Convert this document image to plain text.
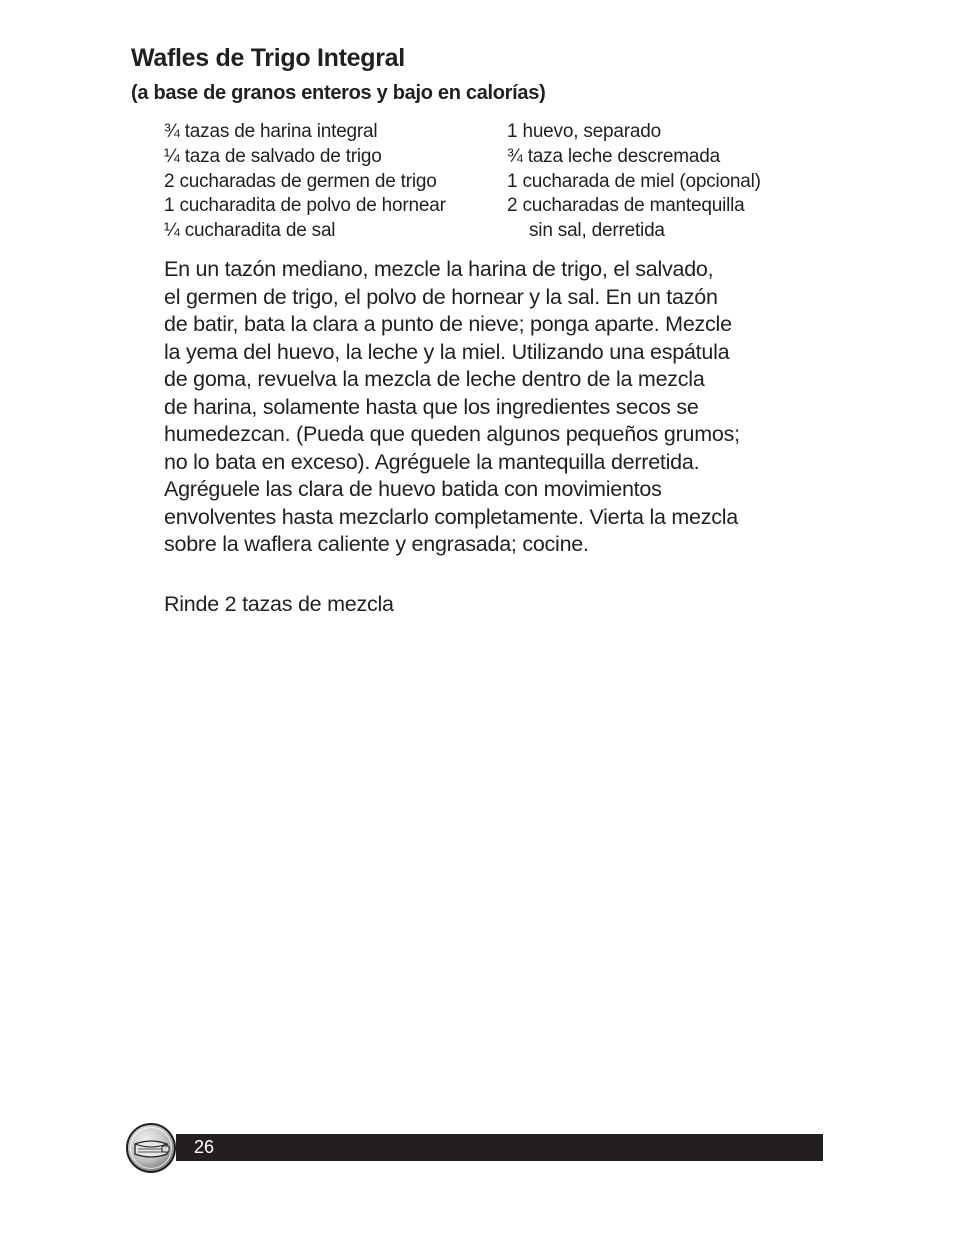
Wafles de Trigo Integral
(a base de granos enteros y bajo en calorías)
¾ tazas de harina integral
¼ taza de salvado de trigo
2 cucharadas de germen de trigo
1 cucharadita de polvo de hornear
¼ cucharadita de sal
1 huevo, separado
¾ taza leche descremada
1 cucharada de miel (opcional)
2 cucharadas de mantequilla
sin sal, derretida
En un tazón mediano, mezcle la harina de trigo, el salvado,
el germen de trigo, el polvo de hornear y la sal. En un tazón
de batir, bata la clara a punto de nieve; ponga aparte. Mezcle
la yema del huevo, la leche y la miel. Utilizando una espátula
de goma, revuelva la mezcla de leche dentro de la mezcla
de harina, solamente hasta que los ingredientes secos se
humedezcan. (Pueda que queden algunos pequeños grumos;
no lo bata en exceso). Agréguele la mantequilla derretida.
Agréguele las clara de huevo batida con movimientos
envolventes hasta mezclarlo completamente. Vierta la mezcla
sobre la waflera caliente y engrasada; cocine.

Rinde 2 tazas de mezcla

26
